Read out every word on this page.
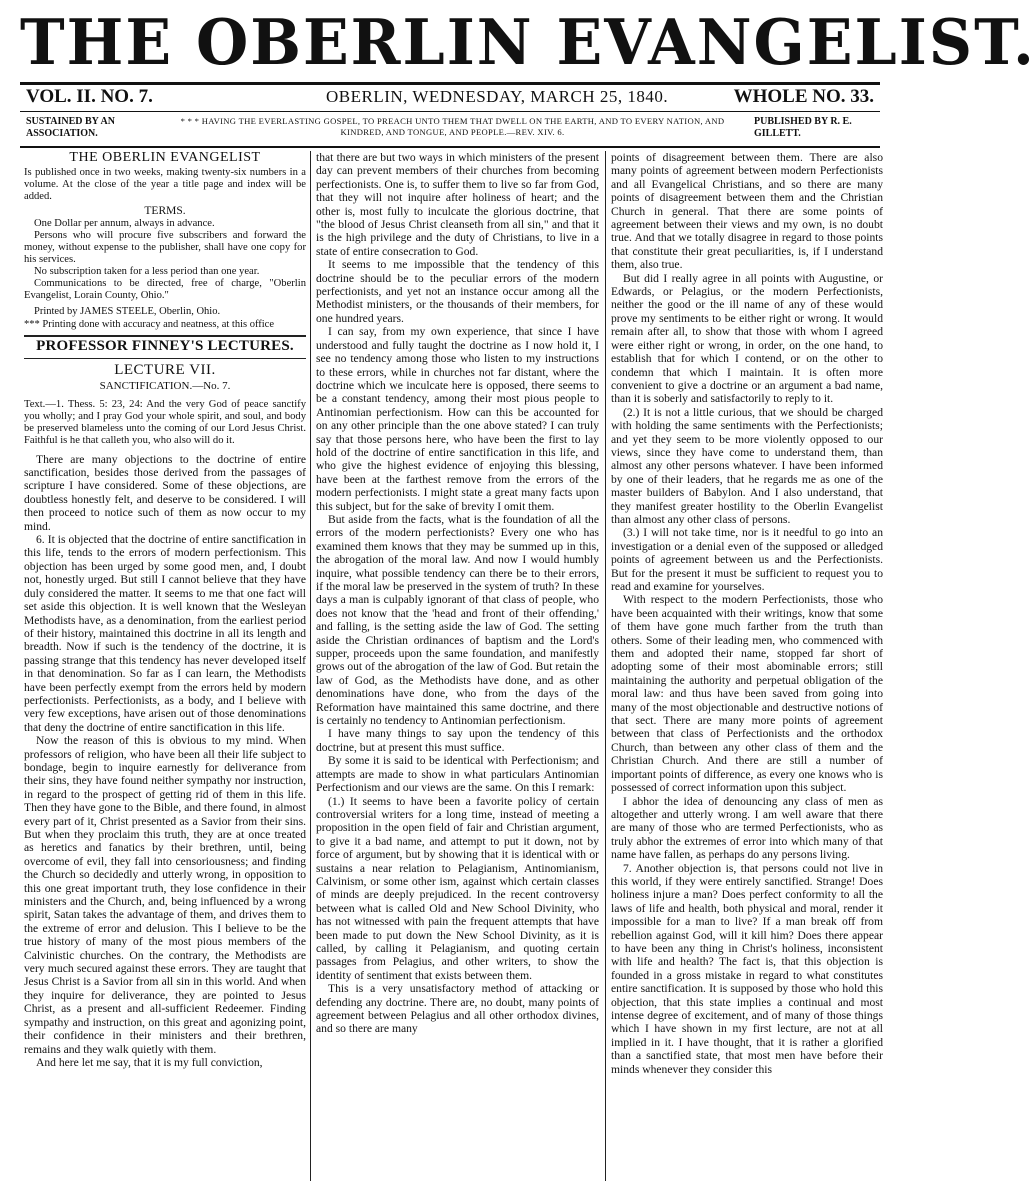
THE OBERLIN EVANGELIST.
VOL. II. NO. 7.	OBERLIN, WEDNESDAY, MARCH 25, 1840.	WHOLE NO. 33.
SUSTAINED BY AN ASSOCIATION.
* * * HAVING THE EVERLASTING GOSPEL, TO PREACH UNTO THEM THAT DWELL ON THE EARTH, AND TO EVERY NATION, AND KINDRED, AND TONGUE, AND PEOPLE.—REV. XIV. 6.
PUBLISHED BY R. E. GILLETT.
THE OBERLIN EVANGELIST

Is published once in two weeks, making twenty-six numbers in a volume. At the close of the year a title page and index will be added.

TERMS.

One Dollar per annum, always in advance.

Persons who will procure five subscribers and forward the money, without expense to the publisher, shall have one copy for his services.

No subscription taken for a less period than one year.

Communications to be directed, free of charge, "Oberlin Evangelist, Lorain County, Ohio."

Printed by JAMES STEELE, Oberlin, Ohio.
*** Printing done with accuracy and neatness, at this office
PROFESSOR FINNEY'S LECTURES.
LECTURE VII.
SANCTIFICATION.—No. 7.

Text.—1. Thess. 5: 23, 24: And the very God of peace sanctify you wholly; and I pray God your whole spirit, and soul, and body be preserved blameless unto the coming of our Lord Jesus Christ. Faithful is he that calleth you, who also will do it.

There are many objections to the doctrine of entire sanctification, besides those derived from the passages of scripture I have considered. Some of these objections, are doubtless honestly felt, and deserve to be considered. I will then proceed to notice such of them as now occur to my mind.

6. It is objected that the doctrine of entire sanctification in this life, tends to the errors of modern perfectionism. This objection has been urged by some good men, and, I doubt not, honestly urged. But still I cannot believe that they have duly considered the matter. It seems to me that one fact will set aside this objection. It is well known that the Wesleyan Methodists have, as a denomination, from the earliest period of their history, maintained this doctrine in all its length and breadth. Now if such is the tendency of the doctrine, it is passing strange that this tendency has never developed itself in that denomination. So far as I can learn, the Methodists have been perfectly exempt from the errors held by modern perfectionists. Perfectionists, as a body, and I believe with very few exceptions, have arisen out of those denominations that deny the doctrine of entire sanctification in this life.

Now the reason of this is obvious to my mind. When professors of religion, who have been all their life subject to bondage, begin to inquire earnestly for deliverance from their sins, they have found neither sympathy nor instruction, in regard to the prospect of getting rid of them in this life. Then they have gone to the Bible, and there found, in almost every part of it, Christ presented as a Savior from their sins. But when they proclaim this truth, they are at once treated as heretics and fanatics by their brethren, until, being overcome of evil, they fall into censoriousness; and finding the Church so decidedly and utterly wrong, in opposition to this one great important truth, they lose confidence in their ministers and the Church, and, being influenced by a wrong spirit, Satan takes the advantage of them, and drives them to the extreme of error and delusion. This I believe to be the true history of many of the most pious members of the Calvinistic churches. On the contrary, the Methodists are very much secured against these errors. They are taught that Jesus Christ is a Savior from all sin in this world. And when they inquire for deliverance, they are pointed to Jesus Christ, as a present and all-sufficient Redeemer. Finding sympathy and instruction, on this great and agonizing point, their confidence in their ministers and their brethren, remains and they walk quietly with them.

And here let me say, that it is my full conviction,

that there are but two ways in which ministers of the present day can prevent members of their churches from becoming perfectionists. One is, to suffer them to live so far from God, that they will not inquire after holiness of heart; and the other is, most fully to inculcate the glorious doctrine, that "the blood of Jesus Christ cleanseth from all sin," and that it is the high privilege and the duty of Christians, to live in a state of entire consecration to God.

It seems to me impossible that the tendency of this doctrine should be to the peculiar errors of the modern perfectionists, and yet not an instance occur among all the Methodist ministers, or the thousands of their members, for one hundred years.

I can say, from my own experience, that since I have understood and fully taught the doctrine as I now hold it, I see no tendency among those who listen to my instructions to these errors, while in churches not far distant, where the doctrine which we inculcate here is opposed, there seems to be a constant tendency, among their most pious people to Antinomian perfectionism. How can this be accounted for on any other principle than the one above stated? I can truly say that those persons here, who have been the first to lay hold of the doctrine of entire sanctification in this life, and who give the highest evidence of enjoying this blessing, have been at the farthest remove from the errors of the modern perfectionists. I might state a great many facts upon this subject, but for the sake of brevity I omit them.

But aside from the facts, what is the foundation of all the errors of the modern perfectionists? Every one who has examined them knows that they may be summed up in this, the abrogation of the moral law. And now I would humbly inquire, what possible tendency can there be to their errors, if the moral law be preserved in the system of truth? In these days a man is culpably ignorant of that class of people, who does not know that the 'head and front of their offending,' and falling, is the setting aside the law of God. The setting aside the Christian ordinances of baptism and the Lord's supper, proceeds upon the same foundation, and manifestly grows out of the abrogation of the law of God. But retain the law of God, as the Methodists have done, and as other denominations have done, who from the days of the Reformation have maintained this same doctrine, and there is certainly no tendency to Antinomian perfectionism.

I have many things to say upon the tendency of this doctrine, but at present this must suffice.

By some it is said to be identical with Perfectionism; and attempts are made to show in what particulars Antinomian Perfectionism and our views are the same. On this I remark:

(1.) It seems to have been a favorite policy of certain controversial writers for a long time, instead of meeting a proposition in the open field of fair and Christian argument, to give it a bad name, and attempt to put it down, not by force of argument, but by showing that it is identical with or sustains a near relation to Pelagianism, Antinomianism, Calvinism, or some other ism, against which certain classes of minds are deeply prejudiced. In the recent controversy between what is called Old and New School Divinity, who has not witnessed with pain the frequent attempts that have been made to put down the New School Divinity, as it is called, by calling it Pelagianism, and quoting certain passages from Pelagius, and other writers, to show the identity of sentiment that exists between them.

This is a very unsatisfactory method of attacking or defending any doctrine. There are, no doubt, many points of agreement between Pelagius and all other orthodox divines, and so there are many

points of disagreement between them. There are also many points of agreement between modern Perfectionists and all Evangelical Christians, and so there are many points of disagreement between them and the Christian Church in general. That there are some points of agreement between their views and my own, is no doubt true. And that we totally disagree in regard to those points that constitute their great peculiarities, is, if I understand them, also true.

But did I really agree in all points with Augustine, or Edwards, or Pelagius, or the modern Perfectionists, neither the good or the ill name of any of these would prove my sentiments to be either right or wrong. It would remain after all, to show that those with whom I agreed were either right or wrong, in order, on the one hand, to establish that for which I contend, or on the other to condemn that which I maintain. It is often more convenient to give a doctrine or an argument a bad name, than it is soberly and satisfactorily to reply to it.

(2.) It is not a little curious, that we should be charged with holding the same sentiments with the Perfectionists; and yet they seem to be more violently opposed to our views, since they have come to understand them, than almost any other persons whatever. I have been informed by one of their leaders, that he regards me as one of the master builders of Babylon. And I also understand, that they manifest greater hostility to the Oberlin Evangelist than almost any other class of persons.

(3.) I will not take time, nor is it needful to go into an investigation or a denial even of the supposed or alledged points of agreement between us and the Perfectionists. But for the present it must be sufficient to request you to read and examine for yourselves.

With respect to the modern Perfectionists, those who have been acquainted with their writings, know that some of them have gone much farther from the truth than others. Some of their leading men, who commenced with them and adopted their name, stopped far short of adopting some of their most abominable errors; still maintaining the authority and perpetual obligation of the moral law: and thus have been saved from going into many of the most objectionable and destructive notions of that sect. There are many more points of agreement between that class of Perfectionists and the orthodox Church, than between any other class of them and the Christian Church. And there are still a number of important points of difference, as every one knows who is possessed of correct information upon this subject.

I abhor the idea of denouncing any class of men as altogether and utterly wrong. I am well aware that there are many of those who are termed Perfectionists, who as truly abhor the extremes of error into which many of that name have fallen, as perhaps do any persons living.

7. Another objection is, that persons could not live in this world, if they were entirely sanctified. Strange! Does holiness injure a man? Does perfect conformity to all the laws of life and health, both physical and moral, render it impossible for a man to live? If a man break off from rebellion against God, will it kill him? Does there appear to have been any thing in Christ's holiness, inconsistent with life and health? The fact is, that this objection is founded in a gross mistake in regard to what constitutes entire sanctification. It is supposed by those who hold this objection, that this state implies a continual and most intense degree of excitement, and of many of those things which I have shown in my first lecture, are not at all implied in it. I have thought, that it is rather a glorified than a sanctified state, that most men have before their minds whenever they consider this
